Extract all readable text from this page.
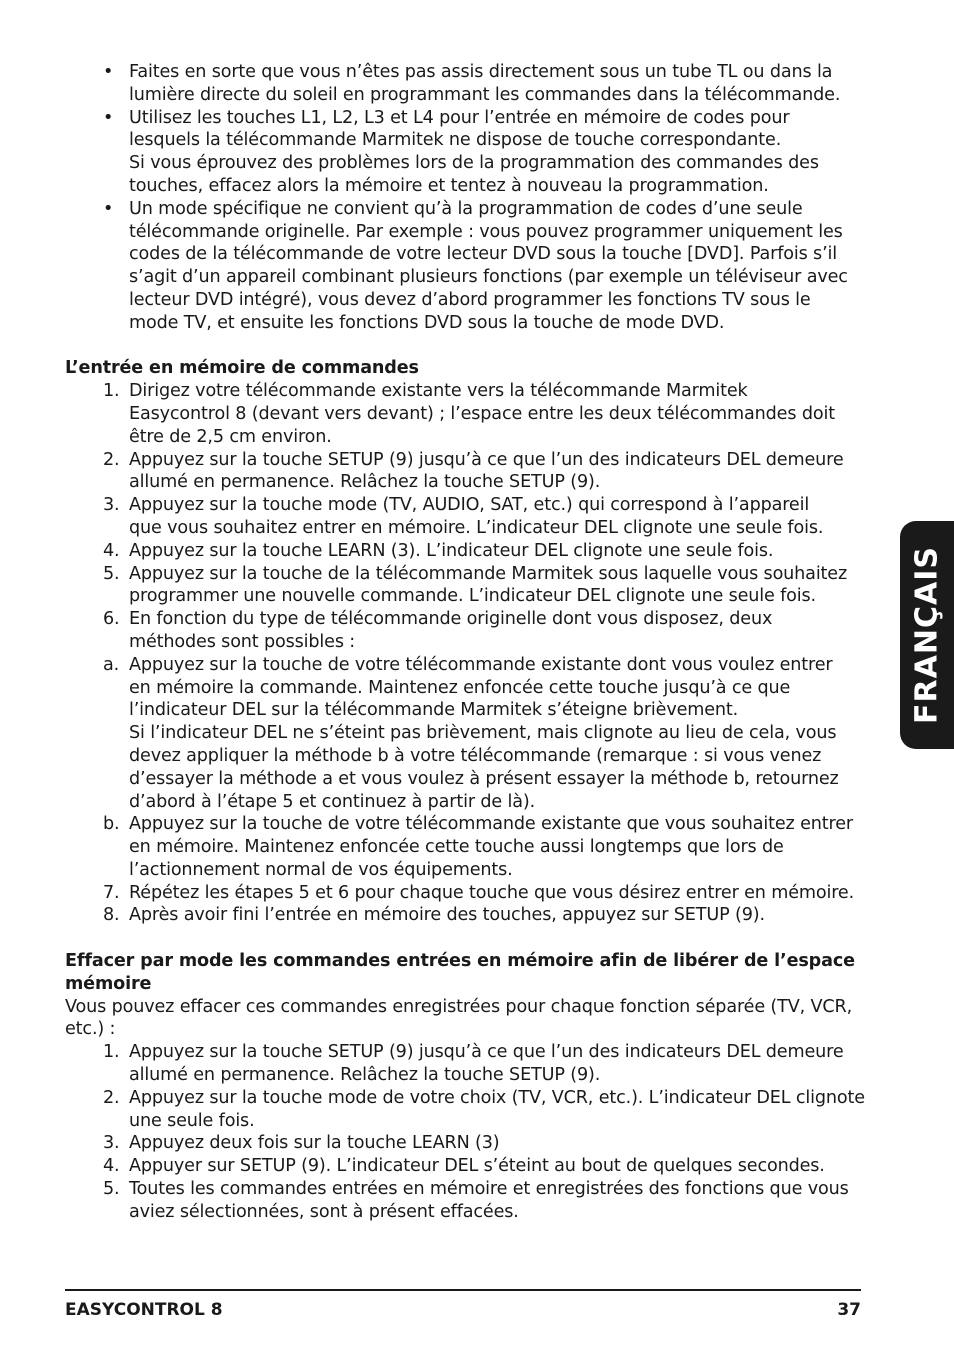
• Faites en sorte que vous n’êtes pas assis directement sous un tube TL ou dans la
lumière directe du soleil en programmant les commandes dans la télécommande.
• Utilisez les touches L1, L2, L3 et L4 pour l’entrée en mémoire de codes pour
lesquels la télécommande Marmitek ne dispose de touche correspondante.
Si vous éprouvez des problèmes lors de la programmation des commandes des
touches, effacez alors la mémoire et tentez à nouveau la programmation.
• Un mode spécifique ne convient qu’à la programmation de codes d’une seule
télécommande originelle. Par exemple : vous pouvez programmer uniquement les
codes de la télécommande de votre lecteur DVD sous la touche [DVD]. Parfois s’il
s’agit d’un appareil combinant plusieurs fonctions (par exemple un téléviseur avec
lecteur DVD intégré), vous devez d’abord programmer les fonctions TV sous le
mode TV, et ensuite les fonctions DVD sous la touche de mode DVD.
L’entrée en mémoire de commandes
1. Dirigez votre télécommande existante vers la télécommande Marmitek
Easycontrol 8 (devant vers devant) ; l’espace entre les deux télécommandes doit
être de 2,5 cm environ.
2. Appuyez sur la touche SETUP (9) jusqu’à ce que l’un des indicateurs DEL demeure
allumé en permanence. Relâchez la touche SETUP (9).
3. Appuyez sur la touche mode (TV, AUDIO, SAT, etc.) qui correspond à l’appareil
que vous souhaitez entrer en mémoire. L’indicateur DEL clignote une seule fois.
4. Appuyez sur la touche LEARN (3). L’indicateur DEL clignote une seule fois.
5. Appuyez sur la touche de la télécommande Marmitek sous laquelle vous souhaitez
programmer une nouvelle commande. L’indicateur DEL clignote une seule fois.
6. En fonction du type de télécommande originelle dont vous disposez, deux
méthodes sont possibles :
a. Appuyez sur la touche de votre télécommande existante dont vous voulez entrer
en mémoire la commande. Maintenez enfoncée cette touche jusqu’à ce que
l’indicateur DEL sur la télécommande Marmitek s’éteigne brièvement.
Si l’indicateur DEL ne s’éteint pas brièvement, mais clignote au lieu de cela, vous
devez appliquer la méthode b à votre télécommande (remarque : si vous venez
d’essayer la méthode a et vous voulez à présent essayer la méthode b, retournez
d’abord à l’étape 5 et continuez à partir de là).
b. Appuyez sur la touche de votre télécommande existante que vous souhaitez entrer
en mémoire. Maintenez enfoncée cette touche aussi longtemps que lors de
l’actionnement normal de vos équipements.
7. Répétez les étapes 5 et 6 pour chaque touche que vous désirez entrer en mémoire.
8. Après avoir fini l’entrée en mémoire des touches, appuyez sur SETUP (9).
Effacer par mode les commandes entrées en mémoire afin de libérer de l’espace
mémoire
Vous pouvez effacer ces commandes enregistrées pour chaque fonction séparée (TV, VCR,
etc.) :
1. Appuyez sur la touche SETUP (9) jusqu’à ce que l’un des indicateurs DEL demeure
allumé en permanence. Relâchez la touche SETUP (9).
2. Appuyez sur la touche mode de votre choix (TV, VCR, etc.). L’indicateur DEL clignote
une seule fois.
3. Appuyez deux fois sur la touche LEARN (3)
4. Appuyer sur SETUP (9). L’indicateur DEL s’éteint au bout de quelques secondes.
5. Toutes les commandes entrées en mémoire et enregistrées des fonctions que vous
aviez sélectionnées, sont à présent effacées.
FRANÇAIS
EASYCONTROL 8	37
